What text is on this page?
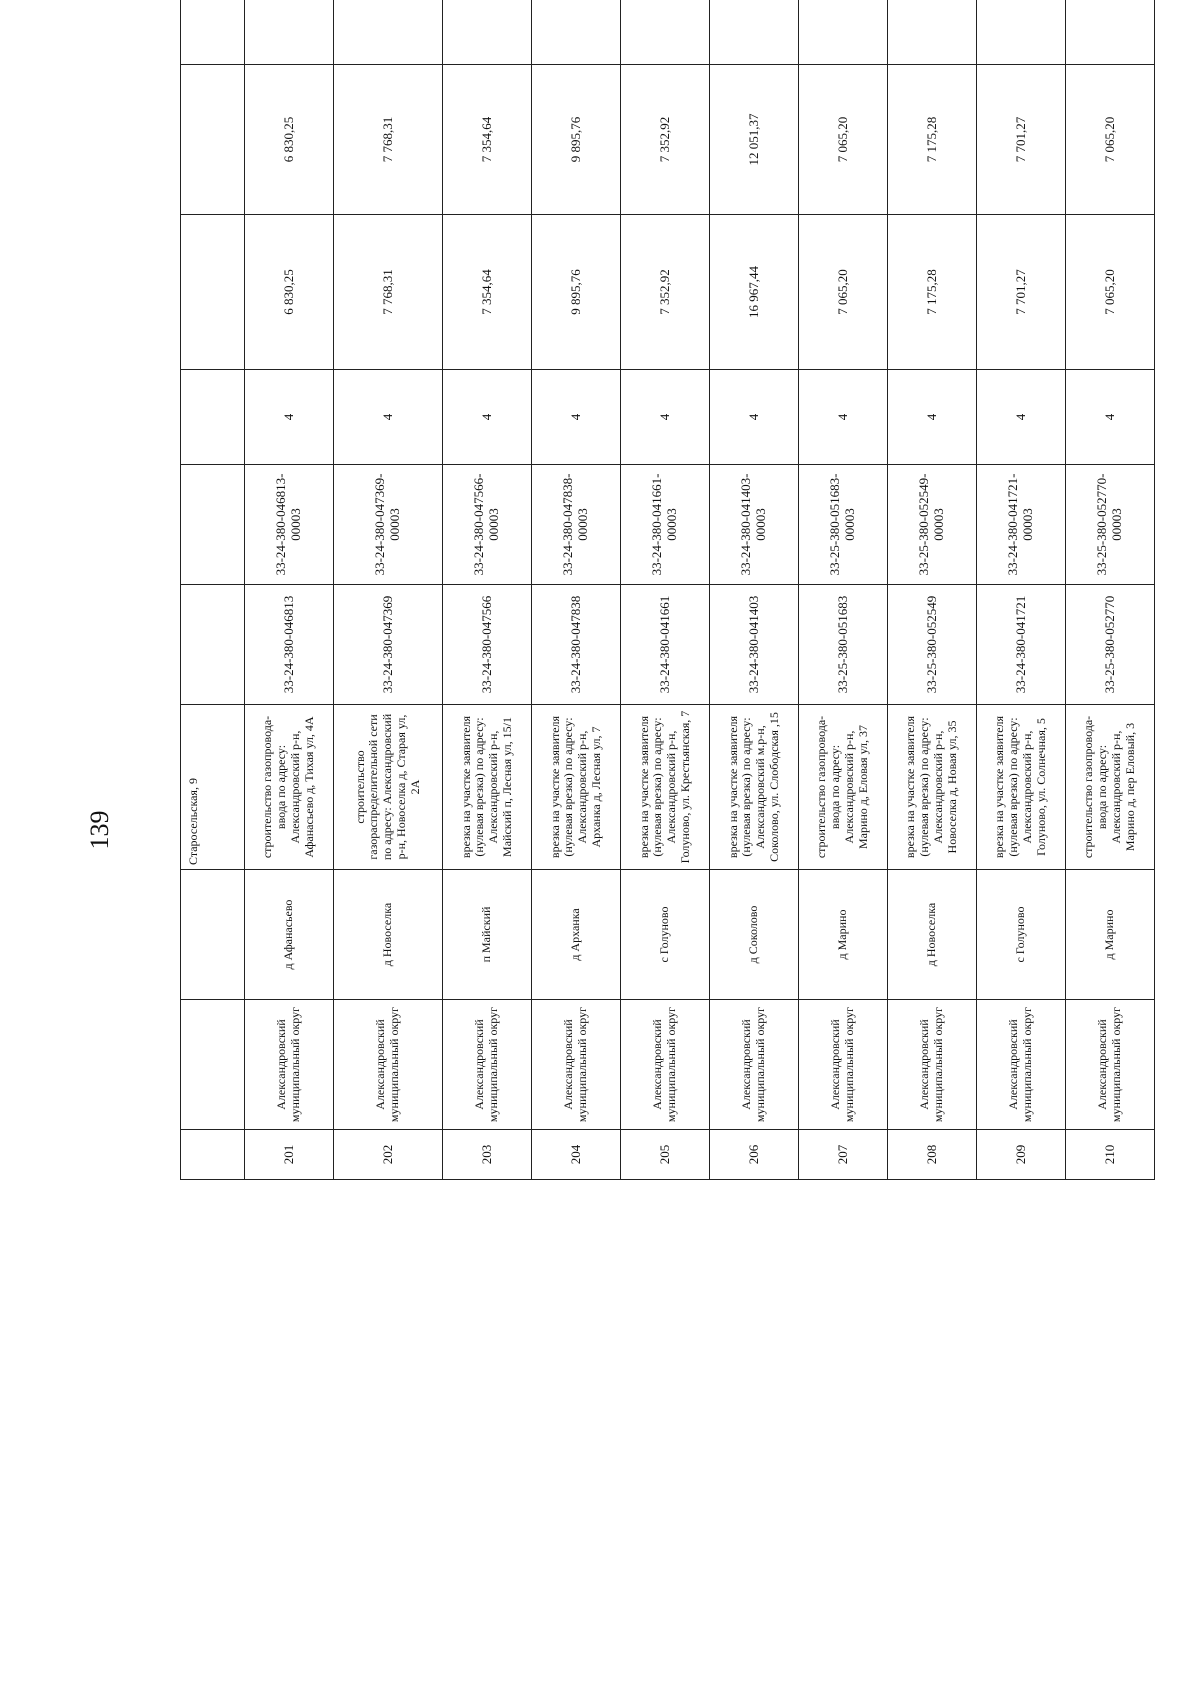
139
				Старосельская, 9									
201	Александровский муниципальный округ	д Афанасьево	строительство газопровода-ввода по адресу: Александровский р-н, Афанасьево д, Тихая ул, 4А	33-24-380-046813	33-24-380-046813-00003	4	6 830,25	6 830,25				
202	Александровский муниципальный округ	д Новоселка	строительство газораспределительной сети по адресу: Александровский р-н, Новоселка д, Старая ул, 2А	33-24-380-047369	33-24-380-047369-00003	4	7 768,31	7 768,31				
203	Александровский муниципальный округ	п Майский	врезка на участке заявителя (нулевая врезка) по адресу: Александровский р-н, Майский п, Лесная ул, 15/1	33-24-380-047566	33-24-380-047566-00003	4	7 354,64	7 354,64				
204	Александровский муниципальный округ	д Арханка	врезка на участке заявителя (нулевая врезка) по адресу: Александровский р-н, Арханка д, Лесная ул, 7	33-24-380-047838	33-24-380-047838-00003	4	9 895,76	9 895,76				
205	Александровский муниципальный округ	с Голуново	врезка на участке заявителя (нулевая врезка) по адресу: Александровский р-н, Голуново, ул. Крестьянская, 7	33-24-380-041661	33-24-380-041661-00003	4	7 352,92	7 352,92				
206	Александровский муниципальный округ	д Соколово	врезка на участке заявителя (нулевая врезка) по адресу: Александровский м.р-н, Соколово, ул. Слободская ,15	33-24-380-041403	33-24-380-041403-00003	4	16 967,44	12 051,37				
207	Александровский муниципальный округ	д Марино	строительство газопровода-ввода по адресу: Александровский р-н, Марино д, Еловая ул, 37	33-25-380-051683	33-25-380-051683-00003	4	7 065,20	7 065,20				
208	Александровский муниципальный округ	д Новоселка	врезка на участке заявителя (нулевая врезка) по адресу: Александровский р-н, Новоселка д, Новая ул, 35	33-25-380-052549	33-25-380-052549-00003	4	7 175,28	7 175,28				
209	Александровский муниципальный округ	с Голуново	врезка на участке заявителя (нулевая врезка) по адресу: Александровский р-н, Голуново, ул. Солнечная, 5	33-24-380-041721	33-24-380-041721-00003	4	7 701,27	7 701,27				
210	Александровский муниципальный округ	д Марино	строительство газопровода-ввода по адресу: Александровский р-н, Марино д, пер Еловый, 3	33-25-380-052770	33-25-380-052770-00003	4	7 065,20	7 065,20				
